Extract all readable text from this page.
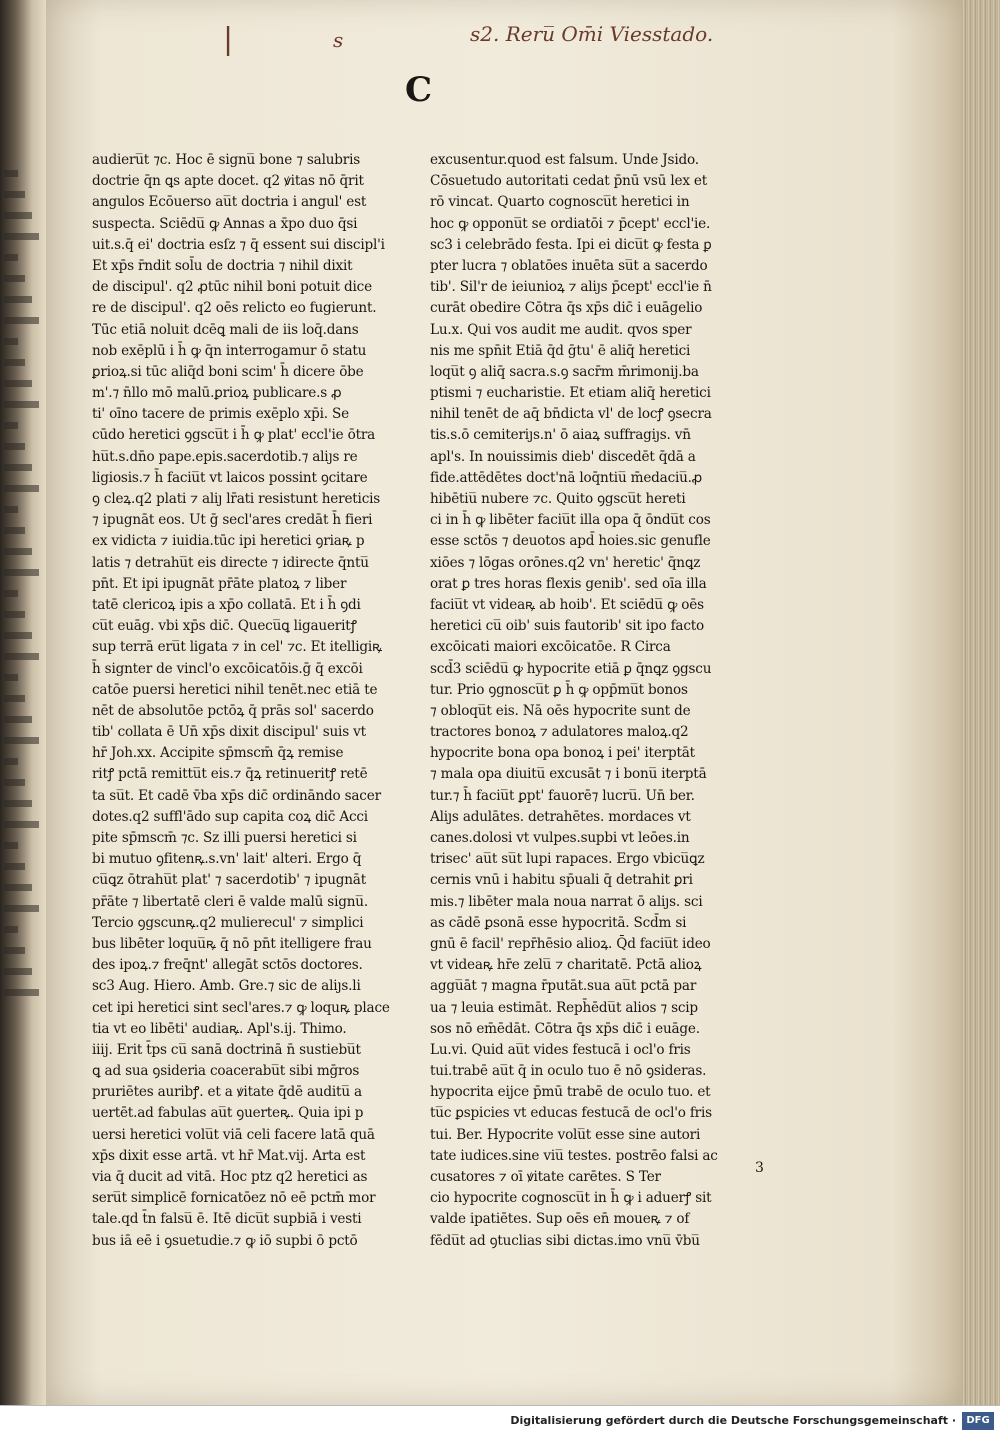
|	s	s2. Reru̅ Om̄i Viesstado.
C
audieru̅t ⁊c. Hoc ē signu̅ bone ⁊ salubris
doctrie q̄n ꝗs apte docet. q2 ꝟitas nō q̄rit
angulos Ecōuerso au̅t doctria i angul' est
suspecta. Sciēdu̅ ꝙ Annas a x̄po duo q̄si
uit.s.q̄ ei' doctria esſz ⁊ q̄ essent sui discipl'i
Et xp̄s r̄ndit sol̄u de doctria ⁊ nihil dixit
de discipul'. q2 ꝓtūc nihil boni potuit dice
re de discipul'. q2 oēs relicto eo fugierunt.
Tūc etiā noluit dcēꝗ mali de iis loq̄.dans
nob exēplū i h̄ ꝙ q̄n interrogamur ō statu
ꝑrioꝝ.si tūc aliq̄d boni scim' h̄ dicere ōbe
m'.⁊ n̄llo mō malū.ꝑrioꝝ publicare.s ꝓ
ti' oīno tacere de primis exēplo xp̄i. Se
cūdo heretici ꝯgscu̅t i h̄ ꝙ plat' eccl'ie ōtra
hu̅t.s.dn̄o pape.epis.sacerdotib.⁊ aliȷs re
ligiosis.⁊ h̄ faciu̅t vt laicos possint ꝯcitare
ꝯ cleꝝ.q2 plati ⁊ aliȷ lr̄ati resistunt hereticis
⁊ ipugnāt eos. Ut ḡ secl'ares credāt h̄ fieri
ex vidicta ⁊ iuidia.tūc ipi heretici ꝯriaꝶ p
latis ⁊ detrahu̅t eis directe ⁊ idirecte q̄ntu̅
pn̄t. Et ipi ipugnāt pr̄āte platoꝝ ⁊ liber
tatē clericoꝝ ipis a xp̄o collatā. Et i h̄ ꝯdi
cu̅t euāg. vbi xp̄s dic̄. Quecu̅ꝗ ligaueritꝭ
sup terrā eru̅t ligata ⁊ in cel' ⁊c. Et itelligiꝶ
h̄ signter de vincl'o excōicatōis.ḡ q̄ excōi
catōe puersi heretici nihil tenēt.nec etiā te
nēt de absolutōe pctōꝝ q̄ prās sol' sacerdo
tib' collata ē Un̄ xp̄s dixit discipul' suis vt
hr̄ Joh.xx. Accipite sp̄mscm̄ q̄ꝝ remise
ritꝭ pctā remittu̅t eis.⁊ q̄ꝝ retinueritꝭ retē
ta su̅t. Et cadē v̄ba xp̄s dic̄ ordināndo sacer
dotes.q2 suffl'ādo sup capita coꝝ dic̄ Acci
pite sp̄mscm̄ ⁊c. Sz illi puersi heretici si
bi mutuo ꝯfitenꝶ.s.vn' lait' alteri. Ergo q̄
cu̅ꝗz ōtrahu̅t plat' ⁊ sacerdotib' ⁊ ipugnāt
pr̄āte ⁊ libertatē cleri ē valde malū signu̅.
Tercio ꝯgscunꝶ.q2 mulierecul' ⁊ simplici
bus libēter loquu̅ꝶ q̄ nō pn̄t itelligere frau
des ipoꝝ.⁊ freq̄nt' allegāt sctōs doctores.
sc3 Aug. Hiero. Amb. Gre.⁊ sic de aliȷs.li
cet ipi heretici sint secl'ares.⁊ ꝙ loquꝶ place
tia vt eo libēti' audiaꝶ. Apl's.ij. Thimo.
iiij. Erit t̄ps cu̅ sanā doctrinā n̄ sustiebu̅t
ꝗ ad sua ꝯsideria coacerabu̅t sibi mḡros
pruriētes auribꝭ. et a ꝟitate q̄dē auditu̅ a
uertēt.ad fabulas au̅t ꝯuerteꝶ. Quia ipi p
uersi heretici volu̅t viā celi facere latā quā
xp̄s dixit esse artā. vt hr̄ Mat.vij. Arta est
via q̄ ducit ad vitā. Hoc ptz q2 heretici as
seru̅t simplicē fornicatōez nō eē pctm̄ mor
tale.qd t̄n falsu̅ ē. Itē dicu̅t supbiā i vesti
bus iā eē i ꝯsuetudie.⁊ ꝙ iō supbi ō pctō
excusentur.quod est falsum. Unde Jsido.
Cōsuetudo autoritati cedat p̄nū vsū lex et
rō vincat. Quarto cognoscu̅t heretici in
hoc ꝙ opponu̅t se ordiatōi ⁊ p̄cept' eccl'ie.
sc3 i celebrādo festa. Ipi ei dicu̅t ꝙ festa ꝑ
pter lucra ⁊ oblatōes inuēta su̅t a sacerdo
tib'. Sil'r de ieiunioꝝ ⁊ aliȷs p̄cept' eccl'ie n̄
curāt obedire Cōtra q̄s xp̄s dic̄ i euāgelio
Lu.x. Qui vos audit me audit. qvos sper
nis me spn̄it Etiā q̄d ḡtu' ē aliq̄ heretici
loqu̅t ꝯ aliq̄ sacra.s.ꝯ sacr̄m m̄rimonij.ba
ptismi ⁊ eucharistie. Et etiam aliq̄ heretici
nihil tenēt de aq̄ bn̄dicta vl' de locꝭ ꝯsecra
tis.s.ō cemiteriȷs.n' ō aiaꝝ suffragiȷs. vn̄
apl's. In nouissimis dieb' discedēt q̄dā a
fide.attēdētes doct'nā loq̄ntiu̅ m̄edaciu̅.ꝓ
hibētiu̅ nubere ⁊c. Quito ꝯgscu̅t hereti
ci in h̄ ꝙ libēter faciu̅t illa opa q̄ ōndu̅t cos
esse sctōs ⁊ deuotos apd̄ hoies.sic genufle
xiōes ⁊ lōgas orōnes.q2 vn' heretic' q̄nꝗz
orat ꝑ tres horas flexis genib'. sed oīa illa
faciu̅t vt videaꝶ ab hoib'. Et sciēdu̅ ꝙ oēs
heretici cu̅ oib' suis fautorib' sit ipo facto
excōicati maiori excōicatōe. R Circa
scd̄3 sciēdu̅ ꝙ hypocrite etiā ꝑ q̄nꝗz ꝯgscu
tur. Prio ꝯgnoscu̅t ꝑ h̄ ꝙ opp̄mu̅t bonos
⁊ obloqu̅t eis. Nā oēs hypocrite sunt de
tractores bonoꝝ ⁊ adulatores maloꝝ.q2
hypocrite bona opa bonoꝝ i pei' iterptāt
⁊ mala opa diuitu̅ excusāt ⁊ i bonu̅ iterptā
tur.⁊ h̄ faciu̅t ꝑpt' fauorē⁊ lucru̅. Un̄ ber.
Aliȷs adulātes. detrahētes. mordaces vt
canes.dolosi vt vulpes.supbi vt leōes.in
trisec' au̅t su̅t lupi rapaces. Ergo vbicu̅ꝗz
cernis vnū i habitu sp̄uali q̄ detrahit ꝑri
mis.⁊ libēter mala noua narrat ō aliȷs. sci
as cādē ꝑsonā esse hypocritā. Scd̄m si
gnū ē facil' repr̄hēsio alioꝝ. Q̄d faciu̅t ideo
vt videaꝶ hr̄e zelu̅ ⁊ charitatē. Pctā alioꝝ
aggu̅āt ⁊ magna r̄putāt.sua au̅t pctā par
ua ⁊ leuia estimāt. Reph̄ēdu̅t alios ⁊ scip
sos nō em̄ēdāt. Cōtra q̄s xp̄s dic̄ i euāge.
Lu.vi. Quid au̅t vides festucā i ocl'o fris
tui.trabē au̅t q̄ in oculo tuo ē nō ꝯsideras.
hypocrita eijce p̄mū trabē de oculo tuo. et
tu̅c ꝑspicies vt educas festucā de ocl'o fris
tui. Ber. Hypocrite volu̅t esse sine autori
tate iudices.sine viu̅ testes. postrēo falsi ac
cusatores ⁊ oī ꝟitate carētes. S Ter
cio hypocrite cognoscu̅t in h̄ ꝙ i aduerꝭ sit
valde ipatiētes. Sup oēs en̄ moueꝶ ⁊ of
fēdu̅t ad ꝯtuclias sibi dictas.imo vnu̅ v̄bu̅
3
Digitalisierung gefördert durch die Deutsche Forschungsgemeinschaft ·	DFG
